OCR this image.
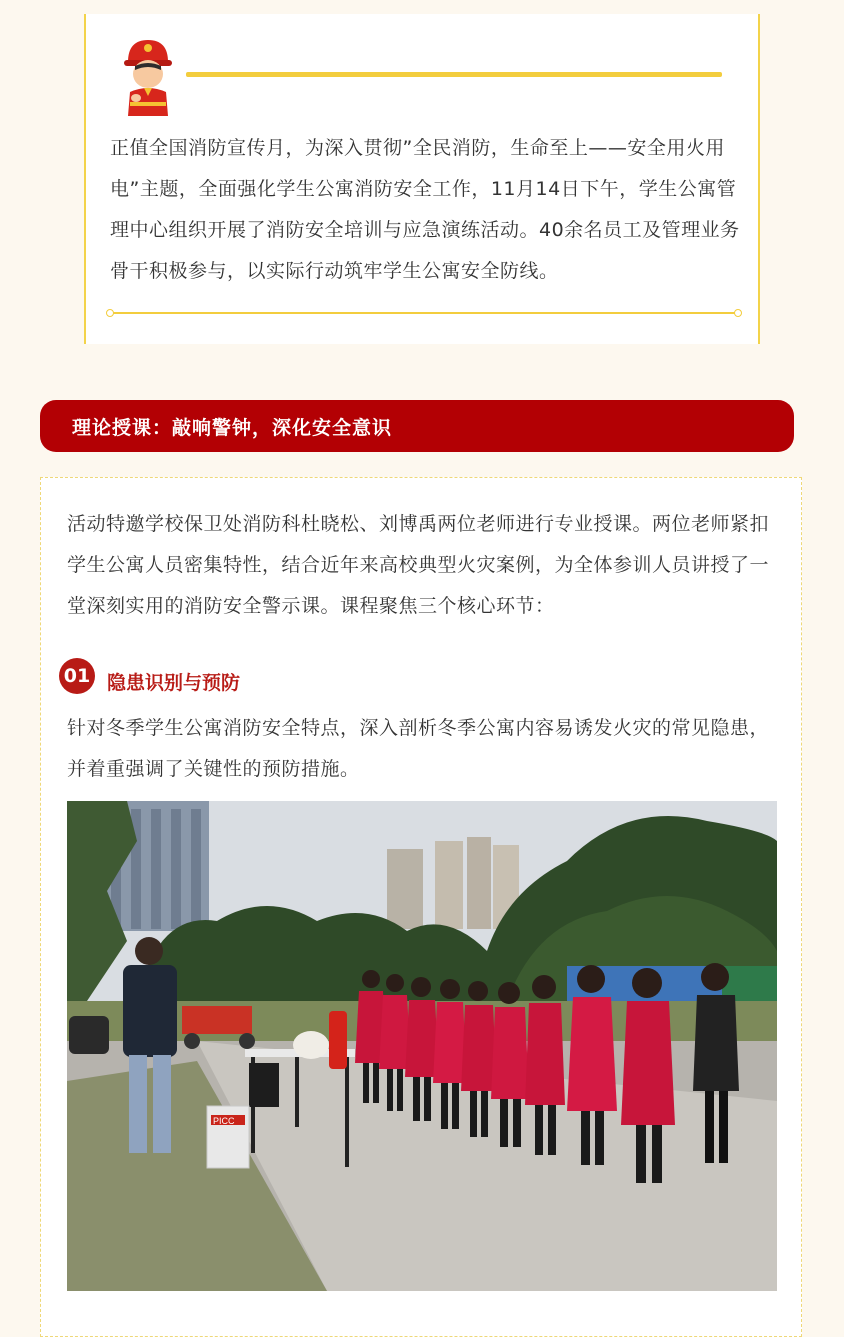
正值全国消防宣传月，为深入贯彻”全民消防，生命至上——安全用火用电”主题，全面强化学生公寓消防安全工作，11月14日下午，学生公寓管理中心组织开展了消防安全培训与应急演练活动。40余名员工及管理业务骨干积极参与，以实际行动筑牢学生公寓安全防线。

理论授课：敲响警钟，深化安全意识

活动特邀学校保卫处消防科杜晓松、刘博禹两位老师进行专业授课。两位老师紧扣学生公寓人员密集特性，结合近年来高校典型火灾案例，为全体参训人员讲授了一堂深刻实用的消防安全警示课。课程聚焦三个核心环节：

01 隐患识别与预防

针对冬季学生公寓消防安全特点，深入剖析冬季公寓内容易诱发火灾的常见隐患，并着重强调了关键性的预防措施。

PICC
